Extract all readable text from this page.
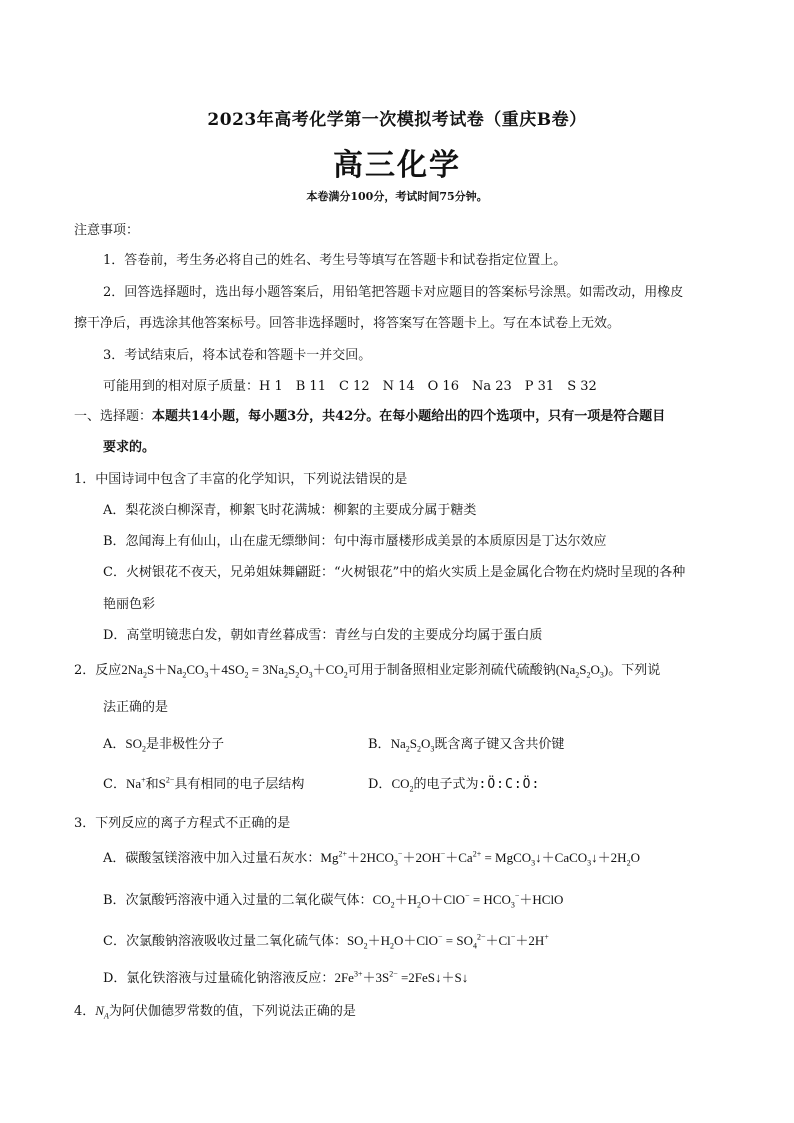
2023年高考化学第一次模拟考试卷（重庆B卷）
高三化学
本卷满分100分，考试时间75分钟。
注意事项：
1．答卷前，考生务必将自己的姓名、考生号等填写在答题卡和试卷指定位置上。
2．回答选择题时，选出每小题答案后，用铅笔把答题卡对应题目的答案标号涂黑。如需改动，用橡皮
擦干净后，再选涂其他答案标号。回答非选择题时，将答案写在答题卡上。写在本试卷上无效。
3．考试结束后，将本试卷和答题卡一并交回。
可能用到的相对原子质量：H 1　B 11　C 12　N 14　O 16　Na 23　P 31　S 32
一、选择题：本题共14小题，每小题3分，共42分。在每小题给出的四个选项中，只有一项是符合题目
要求的。
1．中国诗词中包含了丰富的化学知识，下列说法错误的是
A．梨花淡白柳深青，柳絮飞时花满城：柳絮的主要成分属于糖类
B．忽闻海上有仙山，山在虚无缥缈间：句中海市蜃楼形成美景的本质原因是丁达尔效应
C．火树银花不夜天，兄弟姐妹舞翩跹：“火树银花”中的焰火实质上是金属化合物在灼烧时呈现的各种
艳丽色彩
D．高堂明镜悲白发，朝如青丝暮成雪：青丝与白发的主要成分均属于蛋白质
2．反应$2Na_2S+Na_2CO_3+4SO_2 = 3Na_2S_2O_3+CO_2$可用于制备照相业定影剂硫代硫酸钠$(Na_2S_2O_3)$。下列说
法正确的是
A．$SO_2$是非极性分子	B．$Na_2S_2O_3$既含离子键又含共价键
C．Na+和$S^{2-}$具有相同的电子层结构	D．$CO_2$的电子式为:Ö:C:Ö:
3．下列反应的离子方程式不正确的是
A．碳酸氢镁溶液中加入过量石灰水：$Mg^{2+}+2HCO_3^-+2OH^-+Ca^{2+}$ = $MgCO_3↓+CaCO_3↓+2H_2O$
B．次氯酸钙溶液中通入过量的二氧化碳气体：$CO_2+H_2O+ClO^-$ = $HCO_3^-+HClO$
C．次氯酸钠溶液吸收过量二氧化硫气体：$SO_2+H_2O+ClO^- = SO_4^{2-}+Cl^-+2H^+$
D．氯化铁溶液与过量硫化钠溶液反应：$2Fe^{3+}+3S^{2-}$ =2FeS↓＋S↓
4．$N_A$为阿伏伽德罗常数的值，下列说法正确的是
